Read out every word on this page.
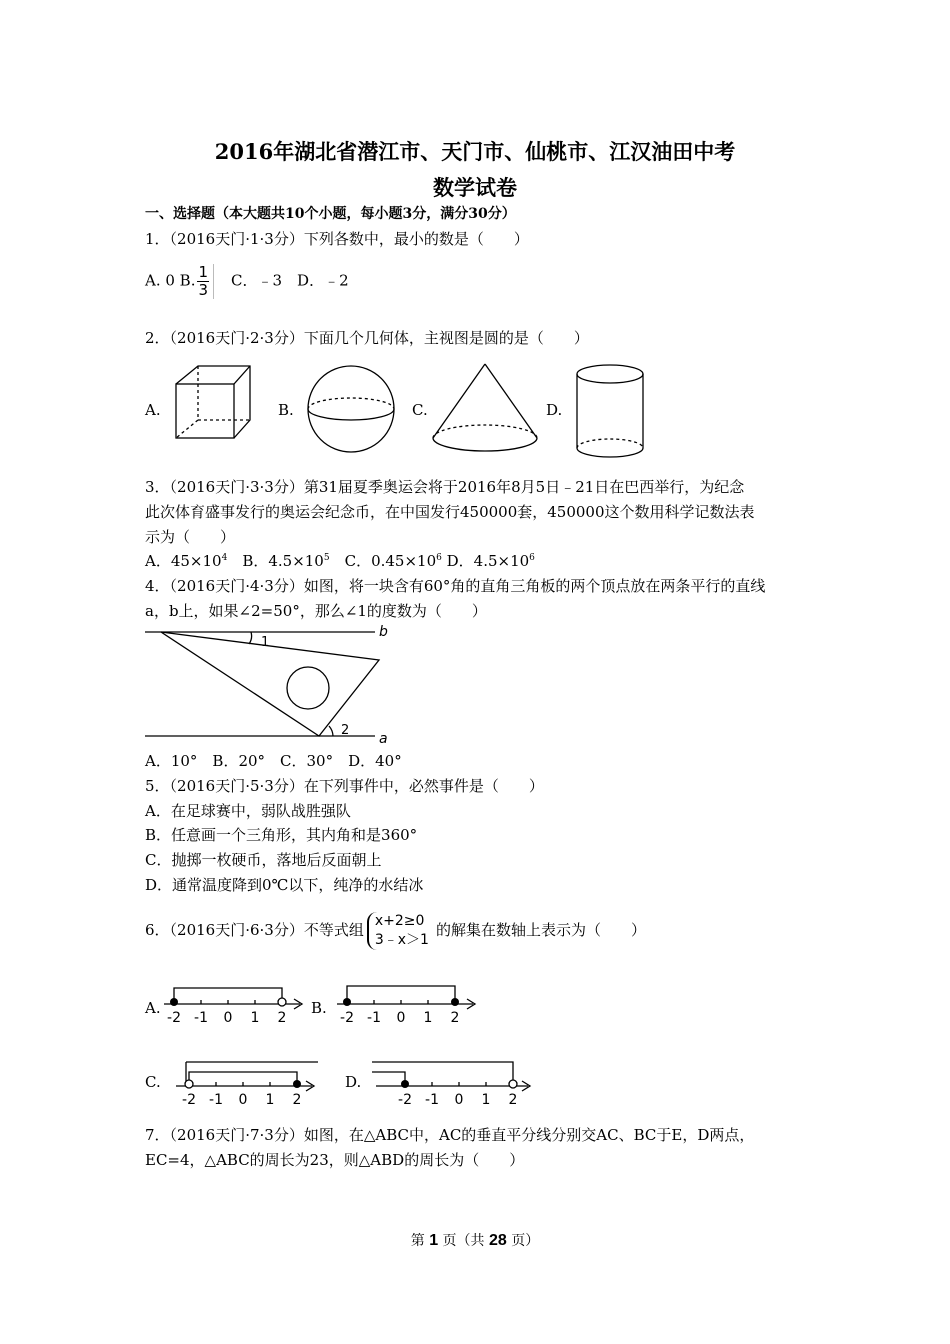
2016年湖北省潜江市、天门市、仙桃市、江汉油田中考
数学试卷
一、选择题（本大题共10个小题，每小题3分，满分30分）
1．（2016天门·1·3分）下列各数中，最小的数是（　　）
A. 0 B. $\frac{1}{3}$ 　C．﹣3　D．﹣2
2．（2016天门·2·3分）下面几个几何体，主视图是圆的是（　　）
A.	B.	C.	D.
3．（2016天门·3·3分）第31届夏季奥运会将于2016年8月5日﹣21日在巴西举行，为纪念
此次体育盛事发行的奥运会纪念币，在中国发行450000套，450000这个数用科学记数法表
示为（　　）
A．$45\times 10^4$　B．$4.5\times 10^5$　C．$0.45\times 10^6$ D．$4.5\times 10^6$
4．（2016天门·4·3分）如图，将一块含有60°角的直角三角板的两个顶点放在两条平行的直线
a，b上，如果∠2=50°，那么∠1的度数为（　　）
b
a
1
2
A．10°　B．20°　C．30°　D．40°
5．（2016天门·5·3分）在下列事件中，必然事件是（　　）
A．在足球赛中，弱队战胜强队
B．任意画一个三角形，其内角和是360°
C．抛掷一枚硬币，落地后反面朝上
D．通常温度降到0℃以下，纯净的水结冰
6．（2016天门·6·3分）不等式组 x+2≥0
3﹣x＞1
的解集在数轴上表示为（　　）
A.
-2 -1 0 1 2
B.
-2 -1 0 1 2
C.
-2 -1 0 1 2
D.
-2 -1 0 1 2
7．（2016天门·7·3分）如图，在△ABC中，AC的垂直平分线分别交AC、BC于E，D两点，
EC=4，△ABC的周长为23，则△ABD的周长为（　　）
第 1 页（共 28 页）
